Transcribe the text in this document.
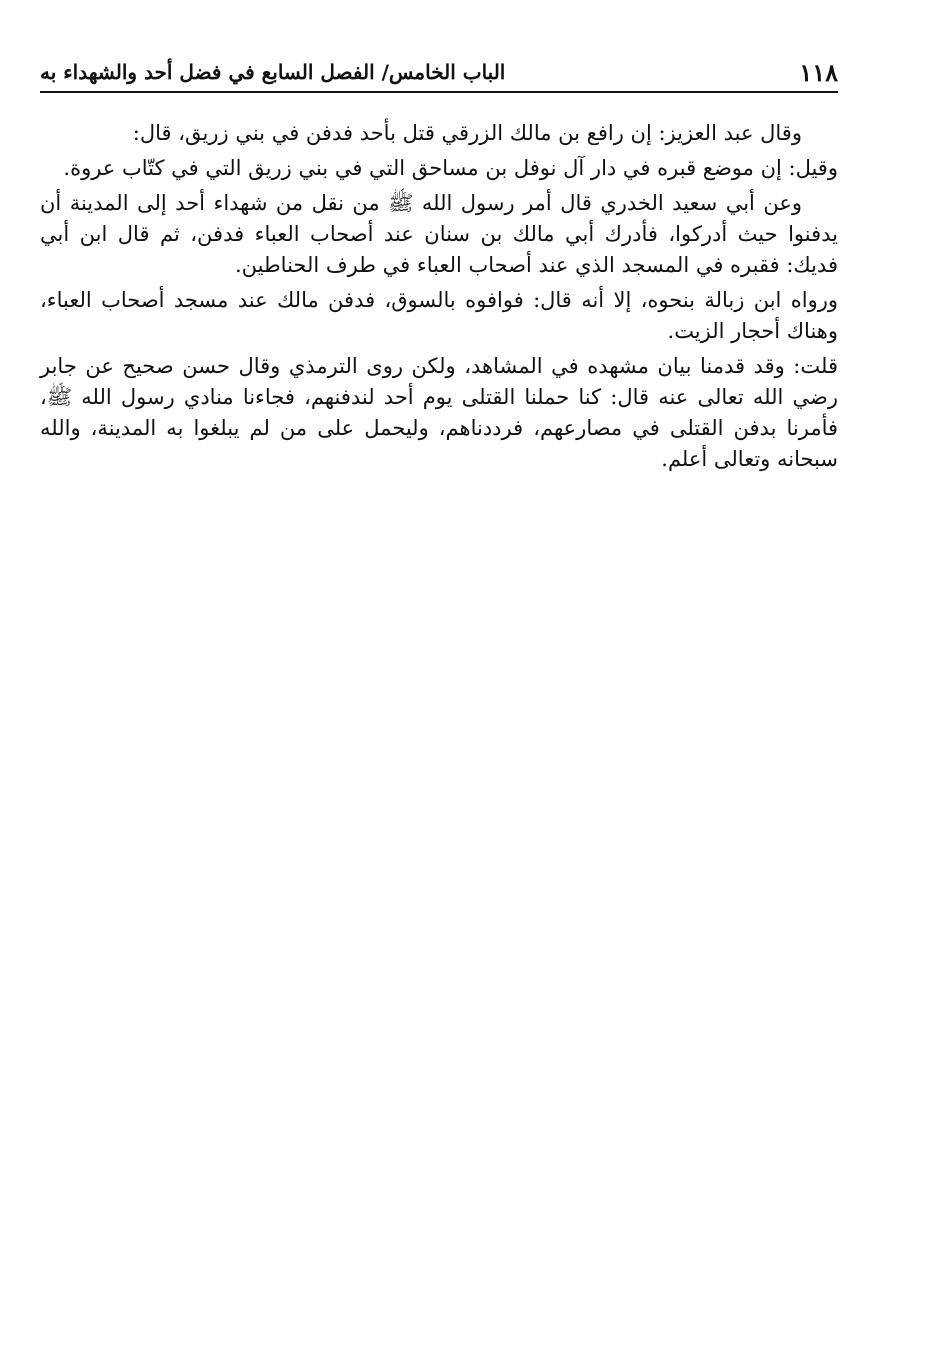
١١٨
الباب الخامس/ الفصل السابع في فضل أحد والشهداء به

وقال عبد العزيز: إن رافع بن مالك الزرقي قتل بأحد فدفن في بني زريق، قال:

وقيل: إن موضع قبره في دار آل نوفل بن مساحق التي في بني زريق التي في كتّاب عروة.

وعن أبي سعيد الخدري قال أمر رسول الله ﷺ من نقل من شهداء أحد إلى المدينة أن يدفنوا حيث أدركوا، فأدرك أبي مالك بن سنان عند أصحاب العباء فدفن، ثم قال ابن أبي فديك: فقبره في المسجد الذي عند أصحاب العباء في طرف الحناطين.

ورواه ابن زبالة بنحوه، إلا أنه قال: فوافوه بالسوق، فدفن مالك عند مسجد أصحاب العباء، وهناك أحجار الزيت.

قلت: وقد قدمنا بيان مشهده في المشاهد، ولكن روى الترمذي وقال حسن صحيح عن جابر رضي الله تعالى عنه قال: كنا حملنا القتلى يوم أحد لندفنهم، فجاءنا منادي رسول الله ﷺ، فأمرنا بدفن القتلى في مصارعهم، فرددناهم، وليحمل على من لم يبلغوا به المدينة، والله سبحانه وتعالى أعلم.
